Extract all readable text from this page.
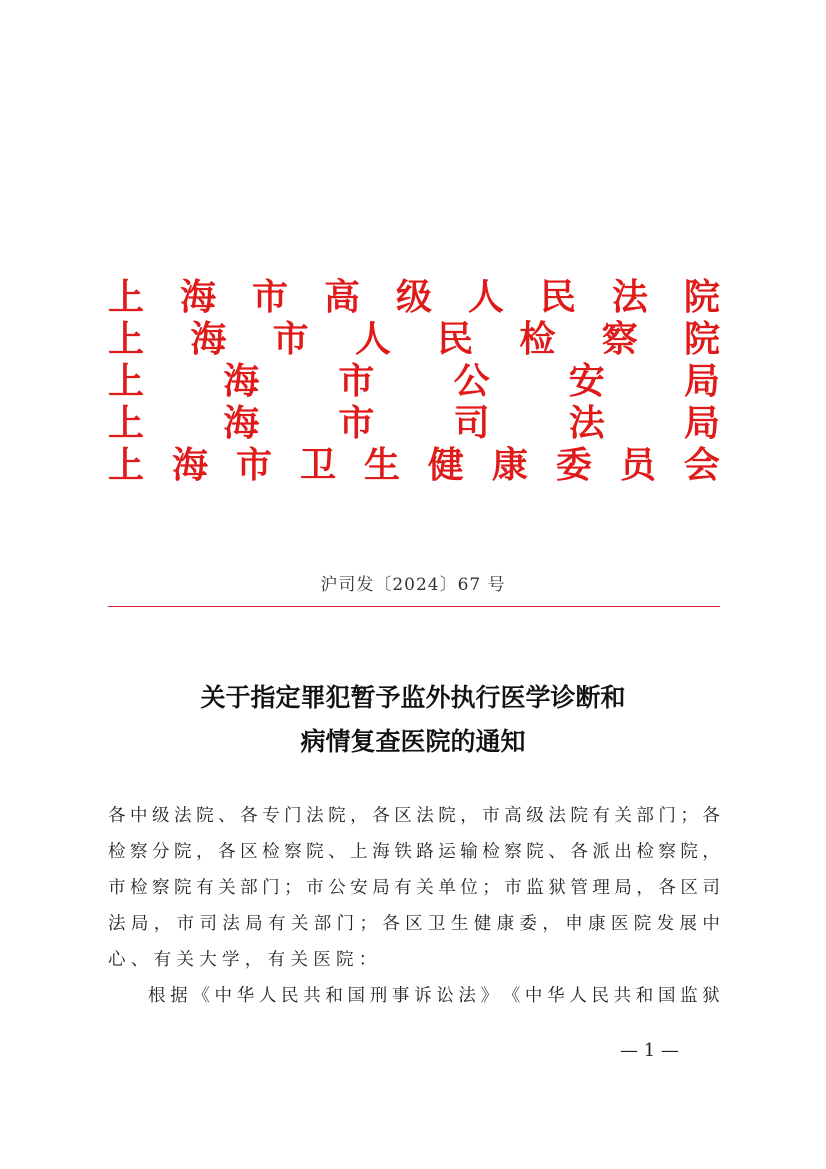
上 海 市 高 级 人 民 法 院
上 海 市 人 民 检 察 院
上 海 市 公 安 局
上 海 市 司 法 局
上 海 市 卫 生 健 康 委 员 会
沪司发〔2024〕67 号
关于指定罪犯暂予监外执行医学诊断和
病情复查医院的通知
各 中 级 法 院 、 各 专 门 法 院 ， 各 区 法 院 ， 市 高 级 法 院 有 关 部 门 ； 各
检 察 分 院 ， 各 区 检 察 院 、 上 海 铁 路 运 输 检 察 院 、 各 派 出 检 察 院 ，
市 检 察 院 有 关 部 门 ； 市 公 安 局 有 关 单 位 ； 市 监 狱 管 理 局 ， 各 区 司
法 局 ， 市 司 法 局 有 关 部 门 ； 各 区 卫 生 健 康 委 ， 申 康 医 院 发 展 中
心、有关大学，有关医院：
根 据 《 中 华 人 民 共 和 国 刑 事 诉 讼 法 》 《 中 华 人 民 共 和 国 监 狱
— 1 —
